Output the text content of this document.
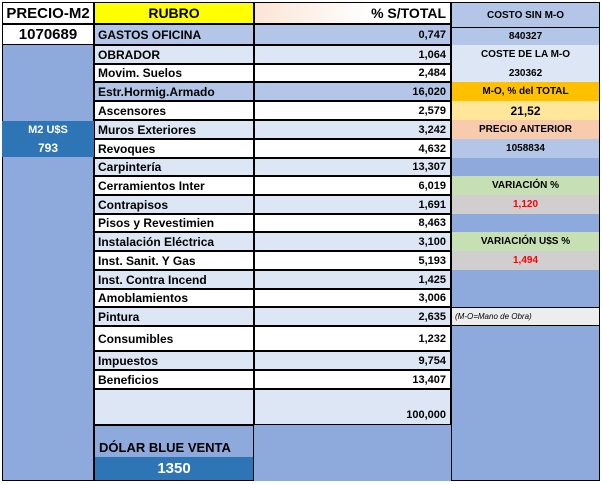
PRECIO-M2
1070689
M2 U$S
793
RUBRO	% S/TOTAL
GASTOS OFICINA	0,747
OBRADOR	1,064
Movim. Suelos	2,484
Estr.Hormig.Armado	16,020
Ascensores	2,579
Muros Exteriores	3,242
Revoques	4,632
Carpintería	13,307
Cerramientos Inter	6,019
Contrapisos	1,691
Pisos y Revestimien	8,463
Instalación Eléctrica	3,100
Inst. Sanit. Y Gas	5,193
Inst. Contra Incend	1,425
Amoblamientos	3,006
Pintura	2,635
Consumibles	1,232
Impuestos	9,754
Beneficios	13,407
100,000
DÓLAR BLUE VENTA
1350
COSTO SIN M-O
840327
COSTE DE LA M-O
230362
M-O, % del TOTAL
21,52
PRECIO ANTERIOR
1058834
VARIACIÓN %
1,120
VARIACIÓN U$S %
1,494
(M-O=Mano de Obra)
